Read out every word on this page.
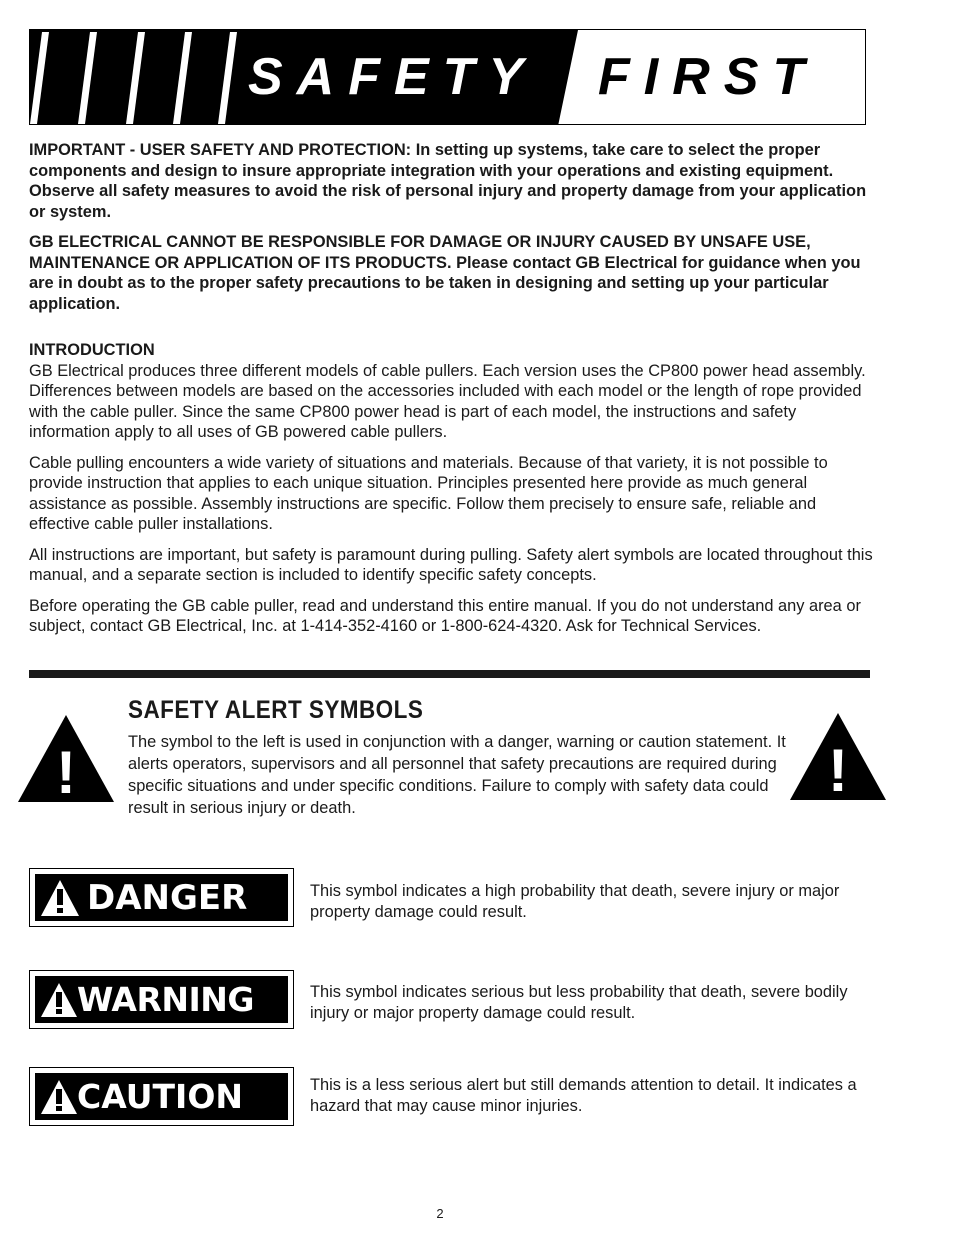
SAFETY FIRST

IMPORTANT - USER SAFETY AND PROTECTION: In setting up systems, take care to select the proper components and design to insure appropriate integration with your operations and existing equipment. Observe all safety measures to avoid the risk of personal injury and property damage from your application or system.

GB ELECTRICAL CANNOT BE RESPONSIBLE FOR DAMAGE OR INJURY CAUSED BY UNSAFE USE, MAINTENANCE OR APPLICATION OF ITS PRODUCTS. Please contact GB Electrical for guidance when you are in doubt as to the proper safety precautions to be taken in designing and setting up your particular application.

INTRODUCTION

GB Electrical produces three different models of cable pullers. Each version uses the CP800 power head assembly. Differences between models are based on the accessories included with each model or the length of rope provided with the cable puller. Since the same CP800 power head is part of each model, the instructions and safety information apply to all uses of GB powered cable pullers.

Cable pulling encounters a wide variety of situations and materials. Because of that variety, it is not possible to provide instruction that applies to each unique situation. Principles presented here provide as much general assistance as possible. Assembly instructions are specific. Follow them precisely to ensure safe, reliable and effective cable puller installations.

All instructions are important, but safety is paramount during pulling. Safety alert symbols are located throughout this manual, and a separate section is included to identify specific safety concepts.

Before operating the GB cable puller, read and understand this entire manual. If you do not understand any area or subject, contact GB Electrical, Inc. at 1-414-352-4160 or 1-800-624-4320. Ask for Technical Services.

!
SAFETY ALERT SYMBOLS
The symbol to the left is used in conjunction with a danger, warning or caution statement. It alerts operators, supervisors and all personnel that safety precautions are required during specific situations and under specific conditions. Failure to comply with safety data could result in serious injury or death.
!
DANGER	This symbol indicates a high probability that death, severe injury or major property damage could result.
WARNING	This symbol indicates serious but less probability that death, severe bodily injury or major property damage could result.
CAUTION	This is a less serious alert but still demands attention to detail. It indicates a hazard that may cause minor injuries.
2
